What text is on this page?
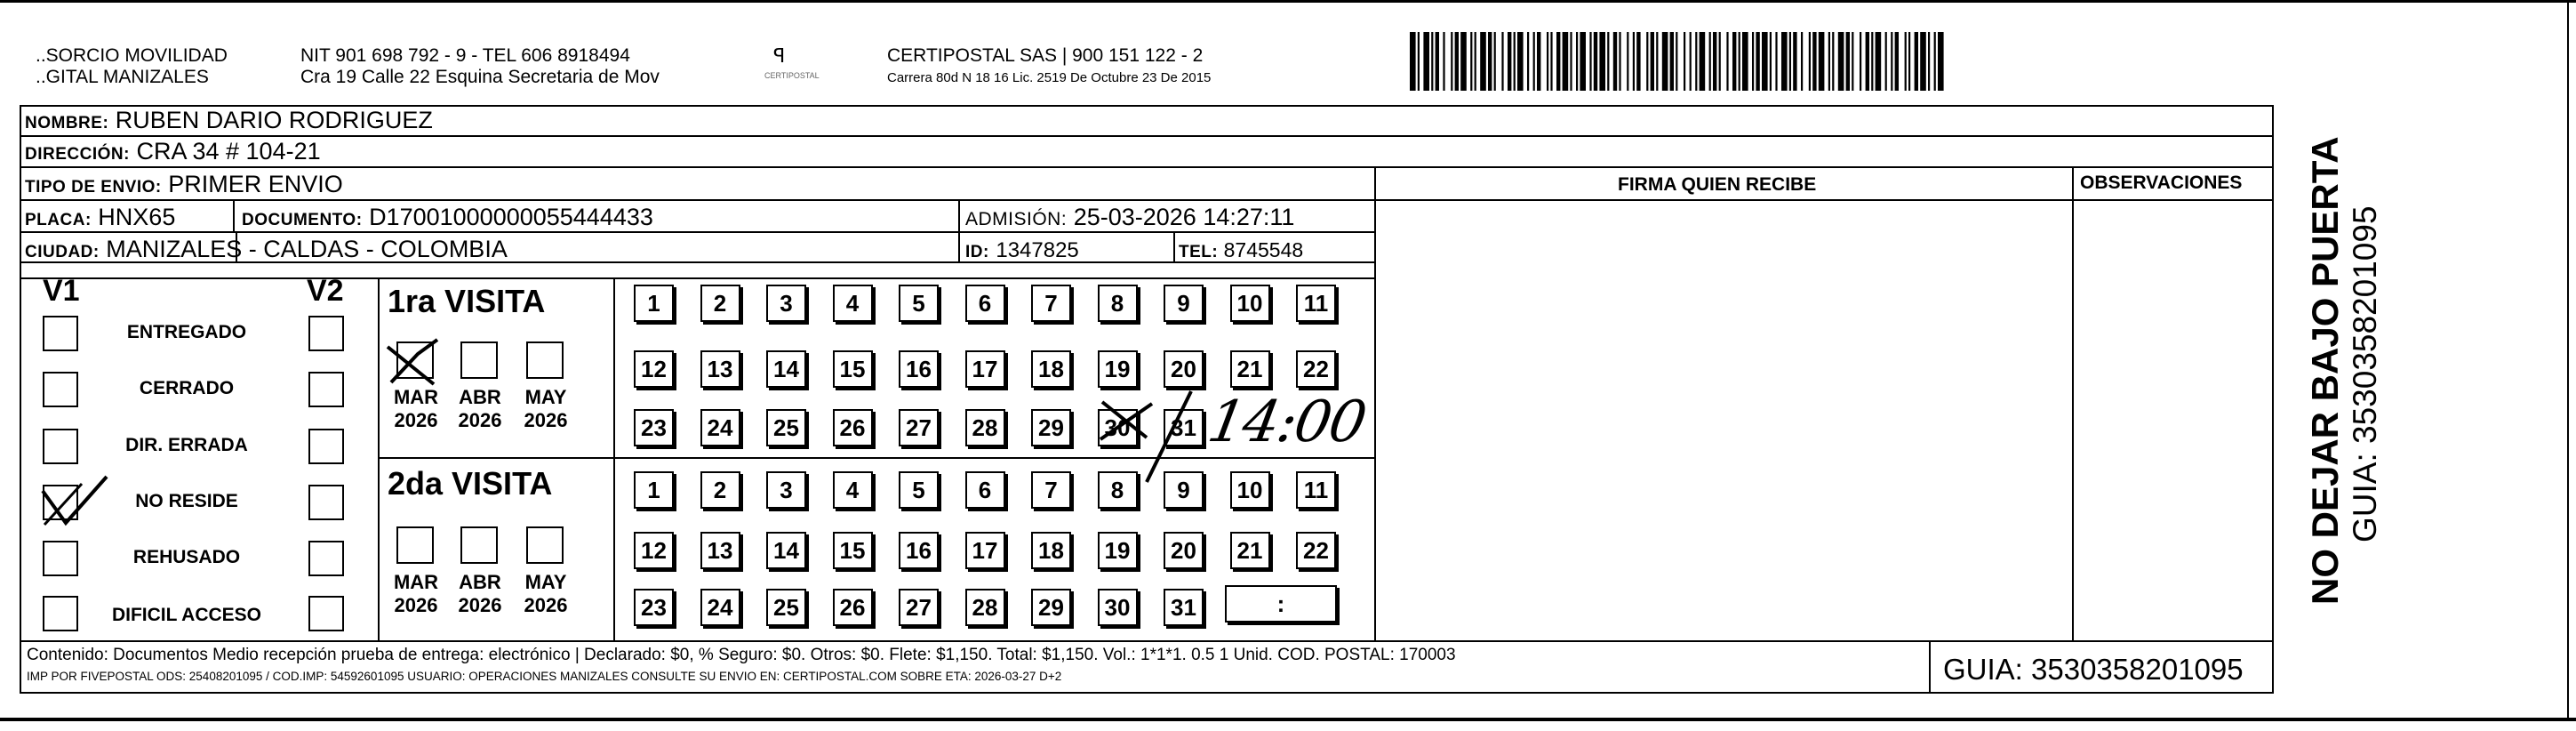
..SORCIO MOVILIDAD
..GITAL MANIZALES
NIT 901 698 792 - 9 - TEL 606 8918494
Cra 19 Calle 22 Esquina Secretaria de Mov
ꟼ
CERTIPOSTAL
CERTIPOSTAL SAS | 900 151 122 - 2
Carrera 80d N 18 16 Lic. 2519 De Octubre 23 De 2015
NOMBRE: RUBEN DARIO RODRIGUEZ
DIRECCIÓN: CRA 34 # 104-21
TIPO DE ENVIO: PRIMER ENVIO	FIRMA QUIEN RECIBE	OBSERVACIONES
PLACA: HNX65	DOCUMENTO: D17001000000055444433	ADMISIÓN: 25-03-2026 14:27:11
CIUDAD: MANIZALES - CALDAS - COLOMBIA	ID: 1347825	TEL: 8745548
V1	V2
ENTREGADO
CERRADO
DIR. ERRADA
NO RESIDE
REHUSADO
DIFICIL ACCESO
1ra VISITA
2da VISITA
MAR
2026
ABR
2026
MAY
2026
MAR
2026
ABR
2026
MAY
2026
1	2	3	4	5	6	7	8	9	10	11
12	13	14	15	16	17	18	19	20	21	22
23	24	25	26	27	28	29	30	31
1	2	3	4	5	6	7	8	9	10	11
12	13	14	15	16	17	18	19	20	21	22
23	24	25	26	27	28	29	30	31
14:00
:
Contenido: Documentos Medio recepción prueba de entrega: electrónico | Declarado: $0, % Seguro: $0. Otros: $0. Flete: $1,150. Total: $1,150. Vol.: 1*1*1. 0.5 1 Unid. COD. POSTAL: 170003
IMP POR FIVEPOSTAL ODS: 25408201095 / COD.IMP: 54592601095 USUARIO: OPERACIONES MANIZALES CONSULTE SU ENVIO EN: CERTIPOSTAL.COM SOBRE ETA: 2026-03-27 D+2	GUIA: 3530358201095
NO DEJAR BAJO PUERTA GUIA: 3530358201095
